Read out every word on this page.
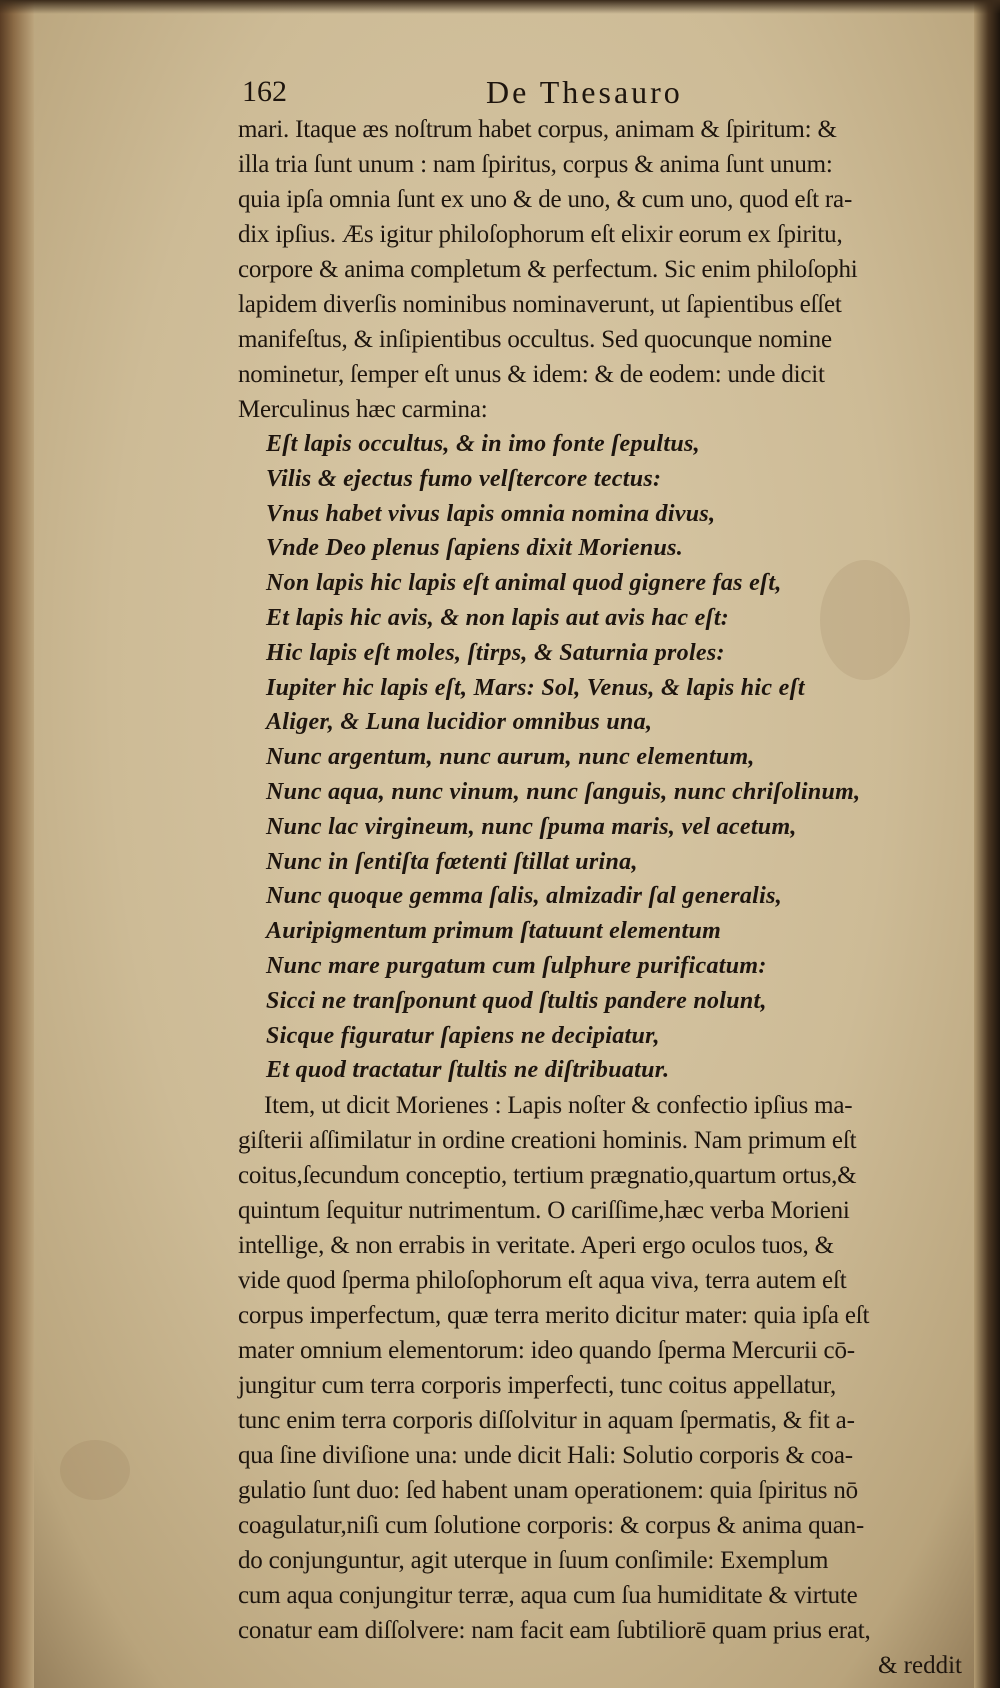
162	De Thesauro
mari. Itaque æs noſtrum habet corpus, animam & ſpiritum: &
illa tria ſunt unum : nam ſpiritus, corpus & anima ſunt unum:
quia ipſa omnia ſunt ex uno & de uno, & cum uno, quod eſt ra-
dix ipſius. Æs igitur philoſophorum eſt elixir eorum ex ſpiritu,
corpore & anima completum & perfectum. Sic enim philoſophi
lapidem diverſis nominibus nominaverunt, ut ſapientibus eſſet
manifeſtus, & inſipientibus occultus. Sed quocunque nomine
nominetur, ſemper eſt unus & idem: & de eodem: unde dicit
Merculinus hæc carmina:
Eſt lapis occultus, & in imo fonte ſepultus,
Vilis & ejectus fumo velſtercore tectus:
Vnus habet vivus lapis omnia nomina divus,
Vnde Deo plenus ſapiens dixit Morienus.
Non lapis hic lapis eſt animal quod gignere fas eſt,
Et lapis hic avis, & non lapis aut avis hac eſt:
Hic lapis eſt moles, ſtirps, & Saturnia proles:
Iupiter hic lapis eſt, Mars: Sol, Venus, & lapis hic eſt
Aliger, & Luna lucidior omnibus una,
Nunc argentum, nunc aurum, nunc elementum,
Nunc aqua, nunc vinum, nunc ſanguis, nunc chriſolinum,
Nunc lac virgineum, nunc ſpuma maris, vel acetum,
Nunc in ſentiſta fœtenti ſtillat urina,
Nunc quoque gemma ſalis, almizadir ſal generalis,
Auripigmentum primum ſtatuunt elementum
Nunc mare purgatum cum ſulphure purificatum:
Sicci ne tranſponunt quod ſtultis pandere nolunt,
Sicque figuratur ſapiens ne decipiatur,
Et quod tractatur ſtultis ne diſtribuatur.
Item, ut dicit Morienes : Lapis noſter & confectio ipſius ma-
giſterii aſſimilatur in ordine creationi hominis. Nam primum eſt
coitus,ſecundum conceptio, tertium prægnatio,quartum ortus,&
quintum ſequitur nutrimentum. O cariſſime,hæc verba Morieni
intellige, & non errabis in veritate. Aperi ergo oculos tuos, &
vide quod ſperma philoſophorum eſt aqua viva, terra autem eſt
corpus imperfectum, quæ terra merito dicitur mater: quia ipſa eſt
mater omnium elementorum: ideo quando ſperma Mercurii cō-
jungitur cum terra corporis imperfecti, tunc coitus appellatur,
tunc enim terra corporis diſſolvitur in aquam ſpermatis, & fit a-
qua ſine diviſione una: unde dicit Hali: Solutio corporis & coa-
gulatio ſunt duo: ſed habent unam operationem: quia ſpiritus nō
coagulatur,niſi cum ſolutione corporis: & corpus & anima quan-
do conjunguntur, agit uterque in ſuum conſimile: Exemplum
cum aqua conjungitur terræ, aqua cum ſua humiditate & virtute
conatur eam diſſolvere: nam facit eam ſubtiliorē quam prius erat,
& reddit
